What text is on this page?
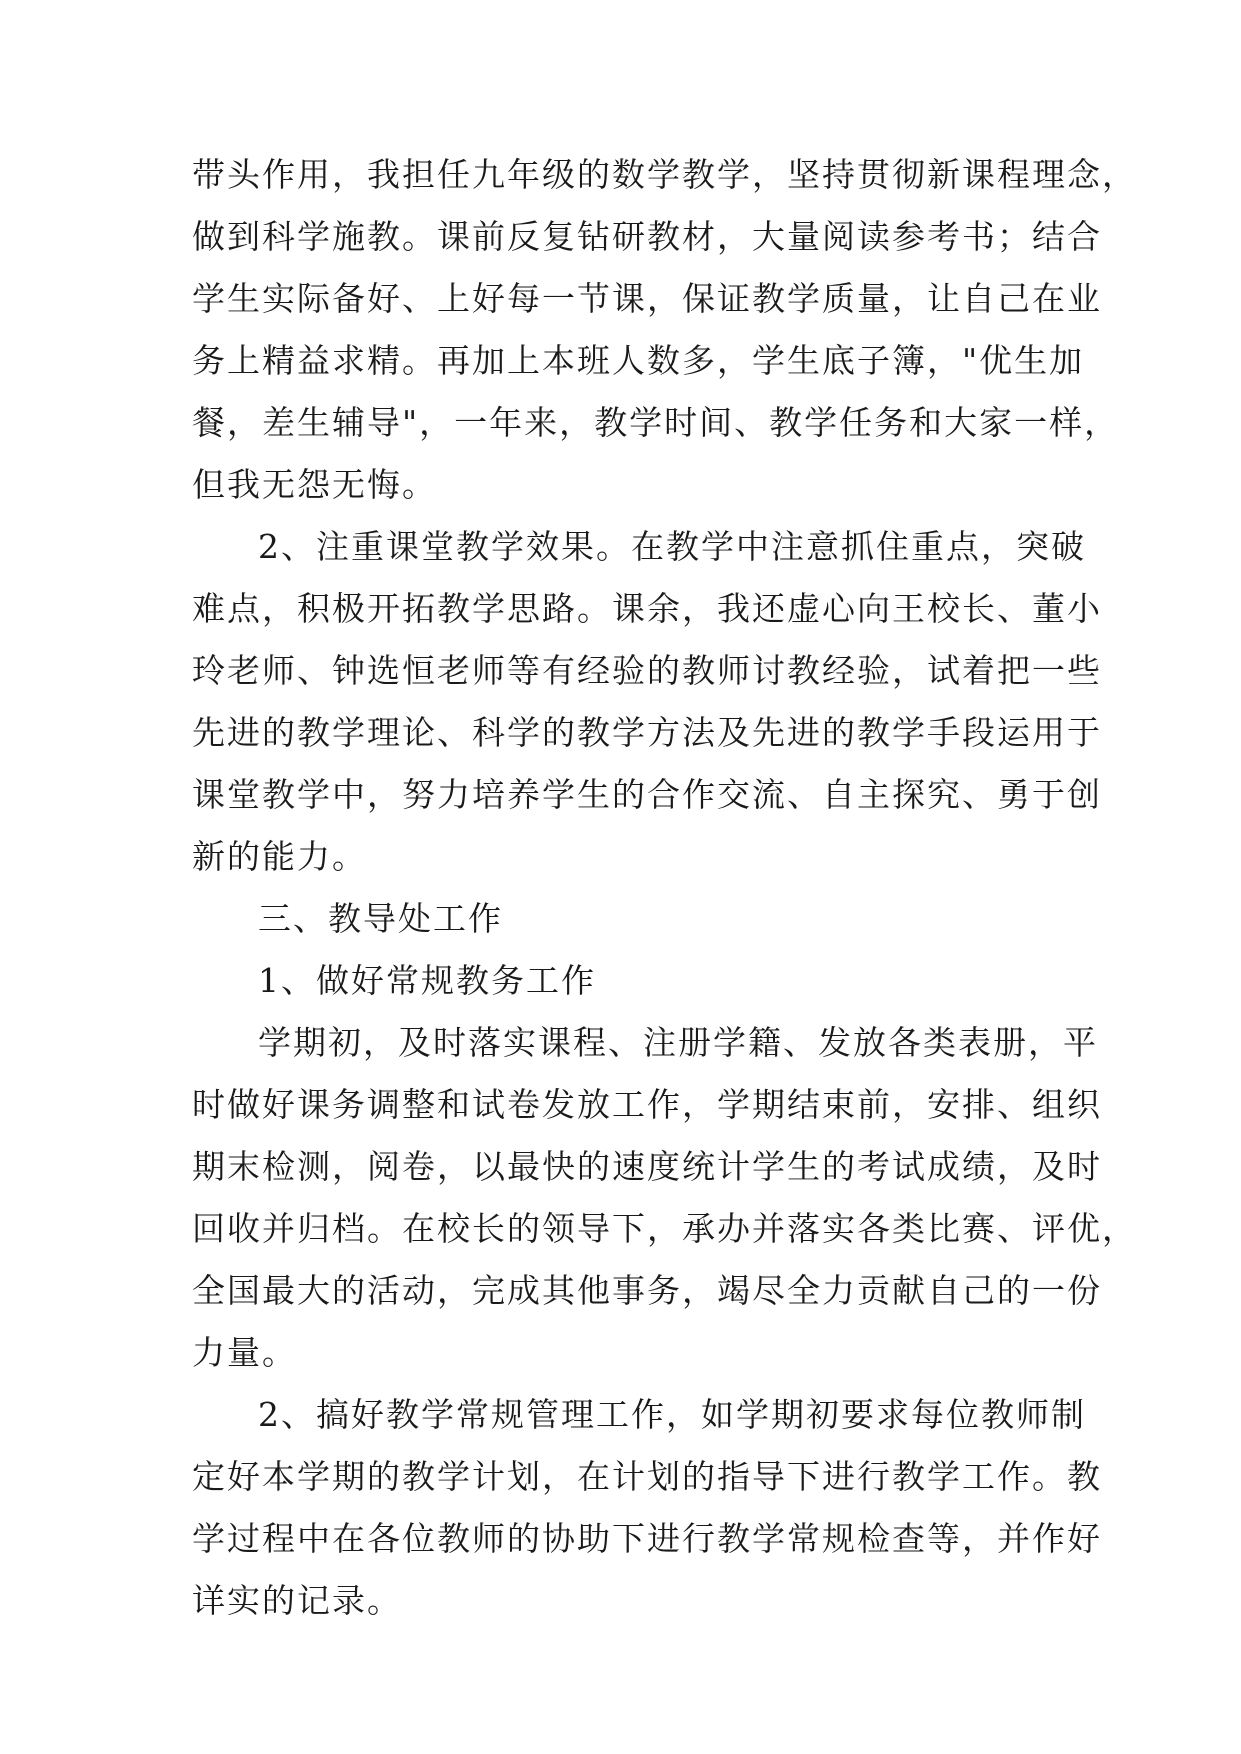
带头作用，我担任九年级的数学教学，坚持贯彻新课程理念，
做到科学施教。课前反复钻研教材，大量阅读参考书；结合
学生实际备好、上好每一节课，保证教学质量，让自己在业
务上精益求精。再加上本班人数多，学生底子簿，"优生加
餐，差生辅导"，一年来，教学时间、教学任务和大家一样，
但我无怨无悔。
2、注重课堂教学效果。在教学中注意抓住重点，突破
难点，积极开拓教学思路。课余，我还虚心向王校长、董小
玲老师、钟选恒老师等有经验的教师讨教经验，试着把一些
先进的教学理论、科学的教学方法及先进的教学手段运用于
课堂教学中，努力培养学生的合作交流、自主探究、勇于创
新的能力。
三、教导处工作
1、做好常规教务工作
学期初，及时落实课程、注册学籍、发放各类表册，平
时做好课务调整和试卷发放工作，学期结束前，安排、组织
期末检测，阅卷，以最快的速度统计学生的考试成绩，及时
回收并归档。在校长的领导下，承办并落实各类比赛、评优，
全国最大的活动，完成其他事务，竭尽全力贡献自己的一份
力量。
2、搞好教学常规管理工作，如学期初要求每位教师制
定好本学期的教学计划，在计划的指导下进行教学工作。教
学过程中在各位教师的协助下进行教学常规检查等，并作好
详实的记录。
